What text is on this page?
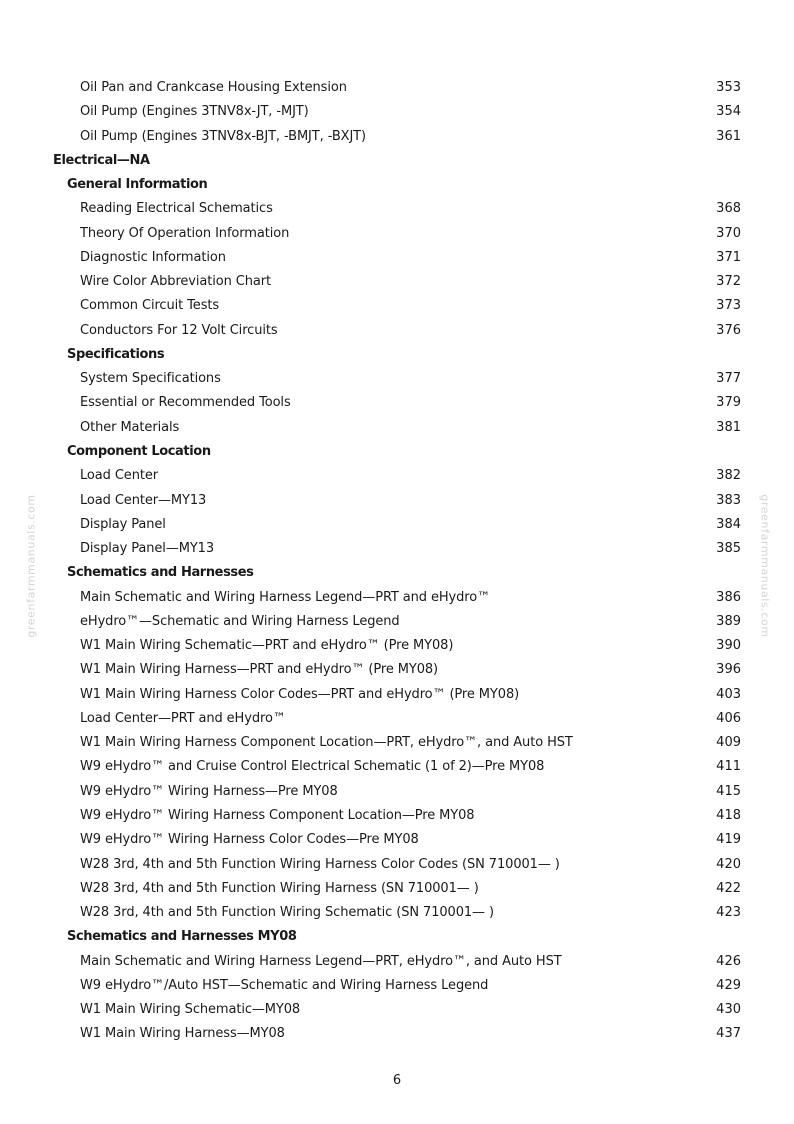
Oil Pan and Crankcase Housing Extension	353
Oil Pump (Engines 3TNV8x-JT, -MJT)	354
Oil Pump (Engines 3TNV8x-BJT, -BMJT, -BXJT)	361
Electrical—NA
General Information
Reading Electrical Schematics	368
Theory Of Operation Information	370
Diagnostic Information	371
Wire Color Abbreviation Chart	372
Common Circuit Tests	373
Conductors For 12 Volt Circuits	376
Specifications
System Specifications	377
Essential or Recommended Tools	379
Other Materials	381
Component Location
Load Center	382
Load Center—MY13	383
Display Panel	384
Display Panel—MY13	385
Schematics and Harnesses
Main Schematic and Wiring Harness Legend—PRT and eHydro™	386
eHydro™—Schematic and Wiring Harness Legend	389
W1 Main Wiring Schematic—PRT and eHydro™ (Pre MY08)	390
W1 Main Wiring Harness—PRT and eHydro™ (Pre MY08)	396
W1 Main Wiring Harness Color Codes—PRT and eHydro™ (Pre MY08)	403
Load Center—PRT and eHydro™	406
W1 Main Wiring Harness Component Location—PRT, eHydro™, and Auto HST	409
W9 eHydro™ and Cruise Control Electrical Schematic (1 of 2)—Pre MY08	411
W9 eHydro™ Wiring Harness—Pre MY08	415
W9 eHydro™ Wiring Harness Component Location—Pre MY08	418
W9 eHydro™ Wiring Harness Color Codes—Pre MY08	419
W28 3rd, 4th and 5th Function Wiring Harness Color Codes (SN 710001— )	420
W28 3rd, 4th and 5th Function Wiring Harness (SN 710001— )	422
W28 3rd, 4th and 5th Function Wiring Schematic (SN 710001— )	423
Schematics and Harnesses MY08
Main Schematic and Wiring Harness Legend—PRT, eHydro™, and Auto HST	426
W9 eHydro™/Auto HST—Schematic and Wiring Harness Legend	429
W1 Main Wiring Schematic—MY08	430
W1 Main Wiring Harness—MY08	437
greenfarmmanuals.com	greenfarmmanuals.com
6
